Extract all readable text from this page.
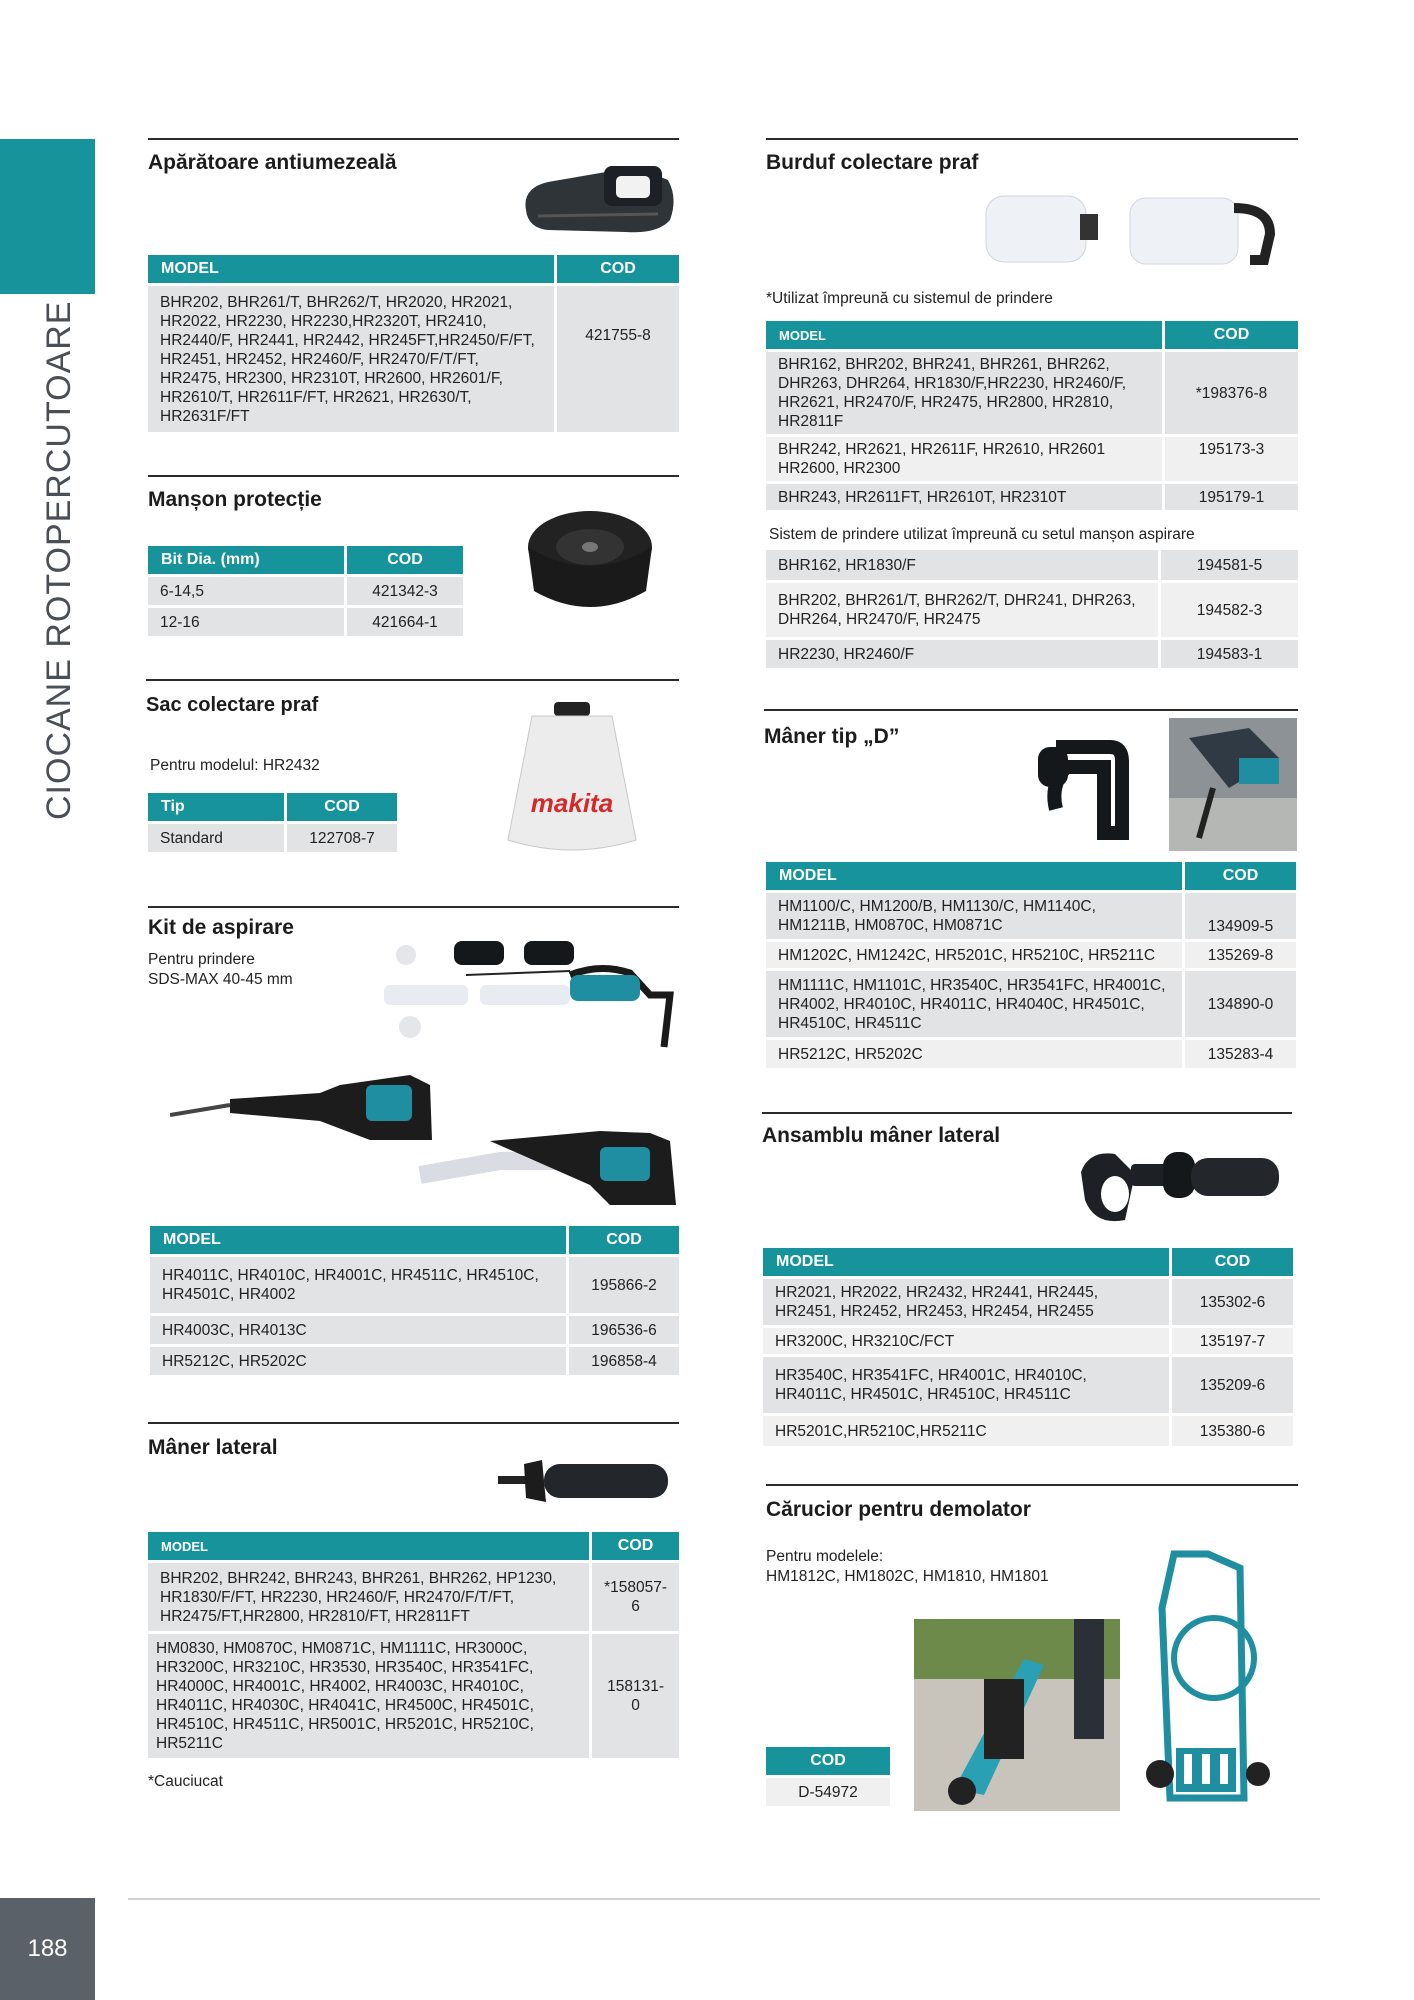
CIOCANE ROTOPERCUTOARE
188
Apărătoare antiumezeală
MODEL	COD
BHR202, BHR261/T, BHR262/T, HR2020, HR2021, HR2022, HR2230, HR2230,HR2320T, HR2410, HR2440/F, HR2441, HR2442, HR245FT,HR2450/F/FT, HR2451, HR2452, HR2460/F, HR2470/F/T/FT, HR2475, HR2300, HR2310T, HR2600, HR2601/F, HR2610/T, HR2611F/FT, HR2621, HR2630/T, HR2631F/FT	421755-8
Manșon protecție
Bit Dia. (mm)	COD
6-14,5	421342-3
12-16	421664-1
Sac colectare praf
Pentru modelul: HR2432
makita
Tip	COD
Standard	122708-7
Kit de aspirare
Pentru prindere
SDS-MAX 40-45 mm
MODEL	COD
HR4011C, HR4010C, HR4001C, HR4511C, HR4510C, HR4501C, HR4002	195866-2
HR4003C, HR4013C	196536-6
HR5212C, HR5202C	196858-4
Mâner lateral
MODEL	COD
BHR202, BHR242, BHR243, BHR261, BHR262, HP1230, HR1830/F/FT, HR2230, HR2460/F, HR2470/F/T/FT, HR2475/FT,HR2800, HR2810/FT, HR2811FT	*158057-6
HM0830, HM0870C, HM0871C, HM1111C, HR3000C, HR3200C, HR3210C, HR3530, HR3540C, HR3541FC, HR4000C, HR4001C, HR4002, HR4003C, HR4010C, HR4011C, HR4030C, HR4041C, HR4500C, HR4501C, HR4510C, HR4511C, HR5001C, HR5201C, HR5210C, HR5211C	158131-0
*Cauciucat
Burduf colectare praf
*Utilizat împreună cu sistemul de prindere
MODEL	COD
BHR162, BHR202, BHR241, BHR261, BHR262, DHR263, DHR264, HR1830/F,HR2230, HR2460/F, HR2621, HR2470/F, HR2475, HR2800, HR2810, HR2811F	*198376-8
BHR242, HR2621, HR2611F, HR2610, HR2601 HR2600, HR2300	195173-3
BHR243, HR2611FT, HR2610T, HR2310T	195179-1
Sistem de prindere utilizat împreună cu setul manșon aspirare
BHR162, HR1830/F	194581-5
BHR202, BHR261/T, BHR262/T, DHR241, DHR263, DHR264, HR2470/F, HR2475	194582-3
HR2230, HR2460/F	194583-1
Mâner tip „D”
MODEL	COD
HM1100/C, HM1200/B, HM1130/C, HM1140C, HM1211B, HM0870C, HM0871C	134909-5
HM1202C, HM1242C, HR5201C, HR5210C, HR5211C	135269-8
HM1111C, HM1101C, HR3540C, HR3541FC, HR4001C, HR4002, HR4010C, HR4011C, HR4040C, HR4501C, HR4510C, HR4511C	134890-0
HR5212C, HR5202C	135283-4
Ansamblu mâner lateral
MODEL	COD
HR2021, HR2022, HR2432, HR2441, HR2445, HR2451, HR2452, HR2453, HR2454, HR2455	135302-6
HR3200C, HR3210C/FCT	135197-7
HR3540C, HR3541FC, HR4001C, HR4010C, HR4011C, HR4501C, HR4510C, HR4511C	135209-6
HR5201C,HR5210C,HR5211C	135380-6
Cărucior pentru demolator
Pentru modelele:
HM1812C, HM1802C, HM1810, HM1801
COD
D-54972
